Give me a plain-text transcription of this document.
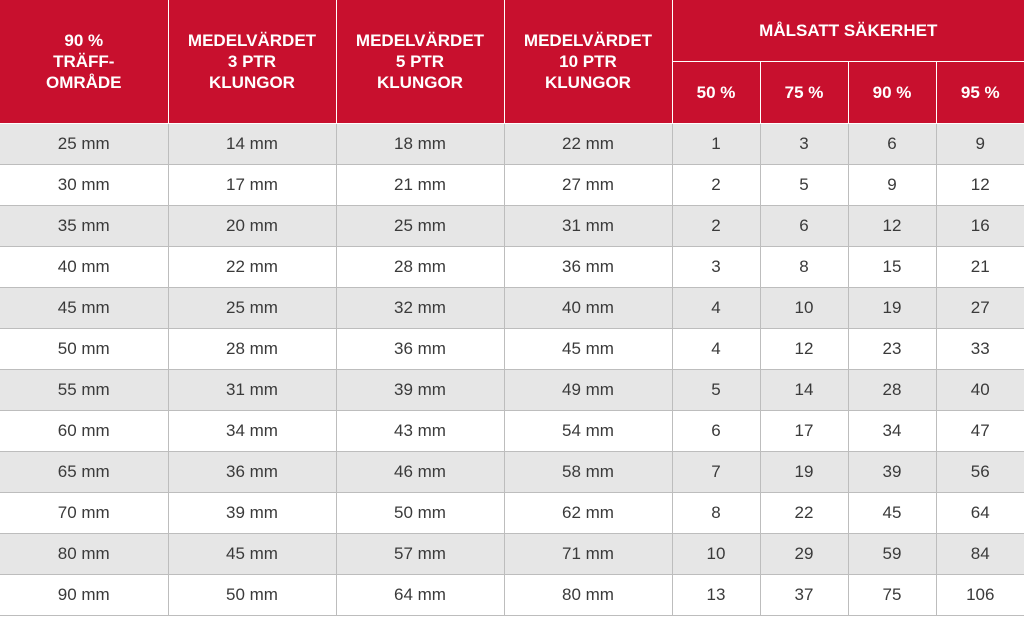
90 %
TRÄFF-
OMRÅDE	MEDELVÄRDET
3 PTR
KLUNGOR	MEDELVÄRDET
5 PTR
KLUNGOR	MEDELVÄRDET
10 PTR
KLUNGOR	MÅLSATT SÄKERHET			
				50 %	75 %	90 %	95 %
25 mm	14 mm	18 mm	22 mm	1	3	6	9
30 mm	17 mm	21 mm	27 mm	2	5	9	12
35 mm	20 mm	25 mm	31 mm	2	6	12	16
40 mm	22 mm	28 mm	36 mm	3	8	15	21
45 mm	25 mm	32 mm	40 mm	4	10	19	27
50 mm	28 mm	36 mm	45 mm	4	12	23	33
55 mm	31 mm	39 mm	49 mm	5	14	28	40
60 mm	34 mm	43 mm	54 mm	6	17	34	47
65 mm	36 mm	46 mm	58 mm	7	19	39	56
70 mm	39 mm	50 mm	62 mm	8	22	45	64
80 mm	45 mm	57 mm	71 mm	10	29	59	84
90 mm	50 mm	64 mm	80 mm	13	37	75	106
